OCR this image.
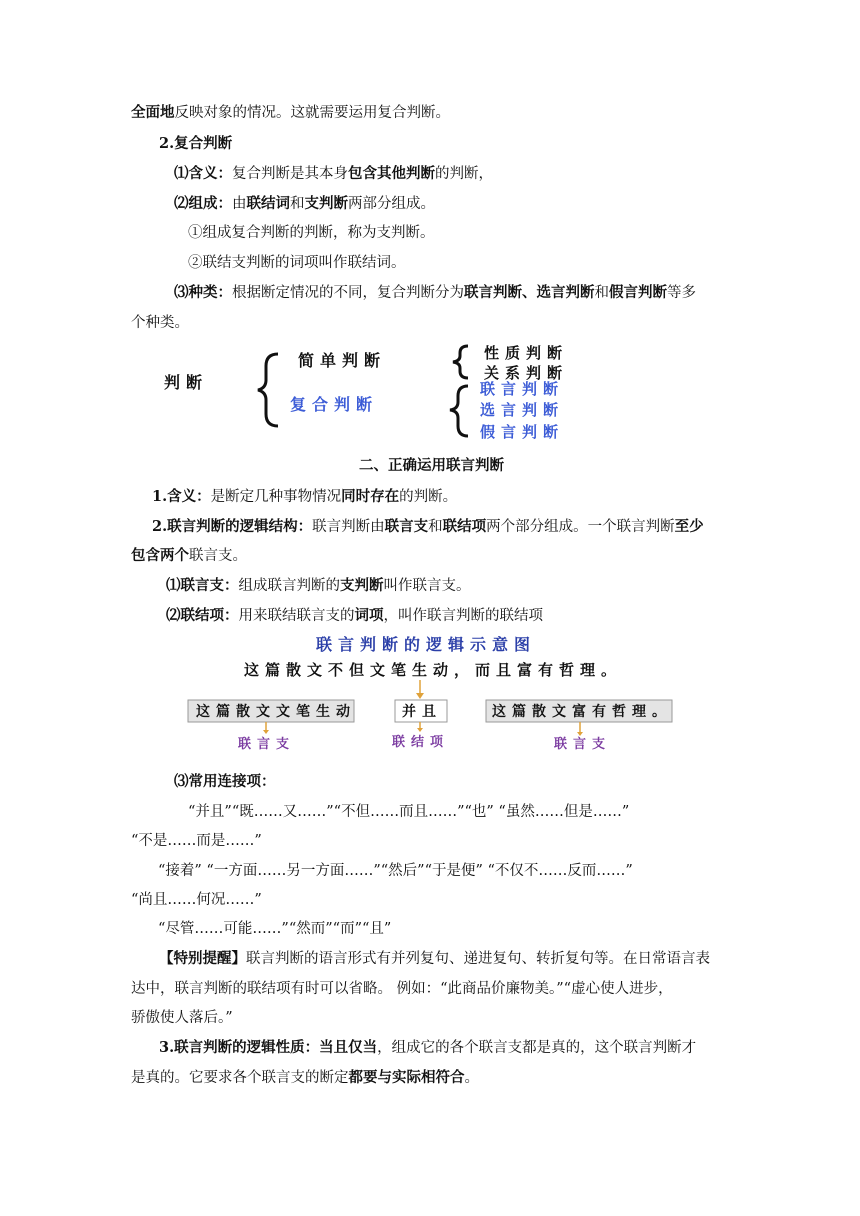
全面地反映对象的情况。这就需要运用复合判断。
2.复合判断
⑴含义：复合判断是其本身包含其他判断的判断，
⑵组成：由联结词和支判断两部分组成。
①组成复合判断的判断，称为支判断。
②联结支判断的词项叫作联结词。
⑶种类：根据断定情况的不同，复合判断分为联言判断、选言判断和假言判断等多
个种类。
判断
简单判断
复合判断
性质判断
关系判断
联言判断
选言判断
假言判断
二、正确运用联言判断
1.含义：是断定几种事物情况同时存在的判断。
2.联言判断的逻辑结构：联言判断由联言支和联结项两个部分组成。一个联言判断至少
包含两个联言支。
⑴联言支：组成联言判断的支判断叫作联言支。
⑵联结项：用来联结联言支的词项，叫作联言判断的联结项
联言判断的逻辑示意图
这篇散文不但文笔生动，而且富有哲理。
这篇散文文笔生动	并且	这篇散文富有哲理。
联言支	联结项	联言支
⑶常用连接项：
“并且”“既……又……”“不但……而且……”“也” “虽然……但是……”
“不是……而是……”
“接着” “一方面……另一方面……”“然后”“于是便” “不仅不……反而……”
“尚且……何况……”
“尽管……可能……”“然而”“而”“且”
【特别提醒】联言判断的语言形式有并列复句、递进复句、转折复句等。在日常语言表
达中，联言判断的联结项有时可以省略。 例如：“此商品价廉物美。”“虚心使人进步，
骄傲使人落后。”
3.联言判断的逻辑性质：当且仅当，组成它的各个联言支都是真的，这个联言判断才
是真的。它要求各个联言支的断定都要与实际相符合。
